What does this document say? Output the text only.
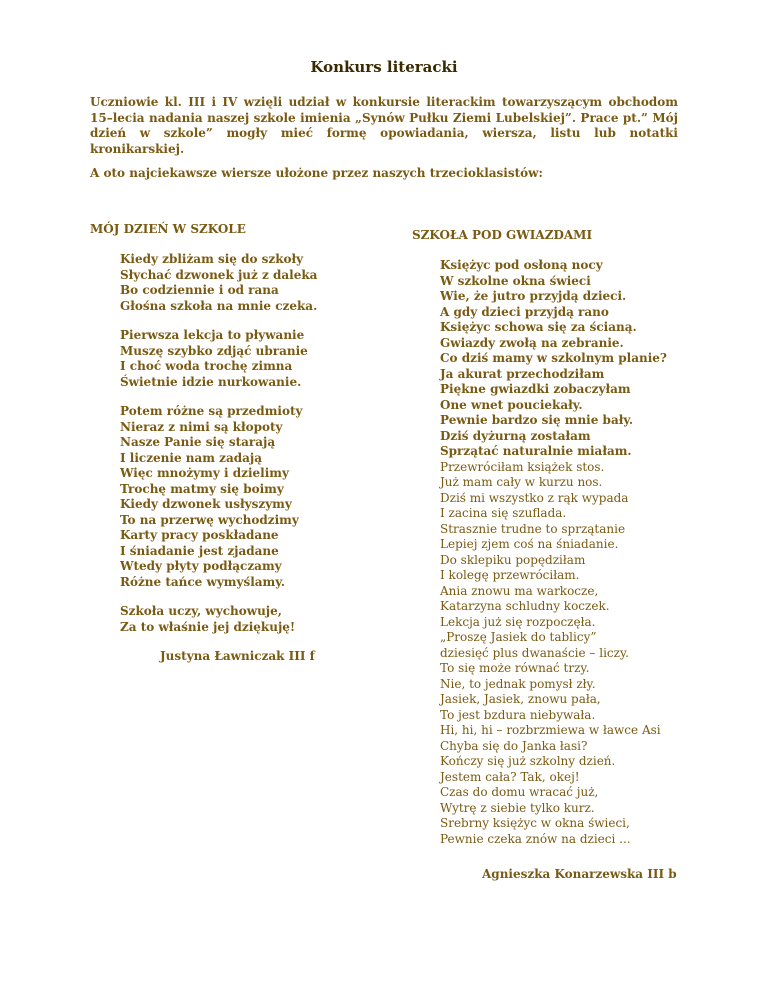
Konkurs literacki

Uczniowie kl. III i IV wzięli udział w konkursie literackim towarzyszącym obchodom 15–lecia nadania naszej szkole imienia „Synów Pułku Ziemi Lubelskiej”. Prace pt.” Mój dzień w szkole” mogły mieć formę opowiadania, wiersza, listu lub notatki kronikarskiej.

A oto najciekawsze wiersze ułożone przez naszych trzecioklasistów:

MÓJ DZIEŃ W SZKOLE
Kiedy zbliżam się do szkoły
Słychać dzwonek już z daleka
Bo codziennie i od rana
Głośna szkoła na mnie czeka.
Pierwsza lekcja to pływanie
Muszę szybko zdjąć ubranie
I choć woda trochę zimna
Świetnie idzie nurkowanie.
Potem różne są przedmioty
Nieraz z nimi są kłopoty
Nasze Panie się starają
I liczenie nam zadają
Więc mnożymy i dzielimy
Trochę matmy się boimy
Kiedy dzwonek usłyszymy
To na przerwę wychodzimy
Karty pracy poskładane
I śniadanie jest zjadane
Wtedy płyty podłączamy
Różne tańce wymyślamy.
Szkoła uczy, wychowuje,
Za to właśnie jej dziękuję!
Justyna Ławniczak III f
SZKOŁA POD GWIAZDAMI
Księżyc pod osłoną nocy
W szkolne okna świeci
Wie, że jutro przyjdą dzieci.
A gdy dzieci przyjdą rano
Księżyc schowa się za ścianą.
Gwiazdy zwołą na zebranie.
Co dziś mamy w szkolnym planie?
Ja akurat przechodziłam
Piękne gwiazdki zobaczyłam
One wnet pouciekały.
Pewnie bardzo się mnie bały.
Dziś dyżurną zostałam
Sprzątać naturalnie miałam.
Przewróciłam książek stos.
Już mam cały w kurzu nos.
Dziś mi wszystko z rąk wypada
I zacina się szuflada.
Strasznie trudne to sprzątanie
Lepiej zjem coś na śniadanie.
Do sklepiku popędziłam
I kolegę przewróciłam.
Ania znowu ma warkocze,
Katarzyna schludny koczek.
Lekcja już się rozpoczęła.
„Proszę Jasiek do tablicy”
dziesięć plus dwanaście – liczy.
To się może równać trzy.
Nie, to jednak pomysł zły.
Jasiek, Jasiek, znowu pała,
To jest bzdura niebywała.
Hi, hi, hi – rozbrzmiewa w ławce Asi
Chyba się do Janka łasi?
Kończy się już szkolny dzień.
Jestem cała? Tak, okej!
Czas do domu wracać już,
Wytrę z siebie tylko kurz.
Srebrny księżyc w okna świeci,
Pewnie czeka znów na dzieci ...
Agnieszka Konarzewska III b
